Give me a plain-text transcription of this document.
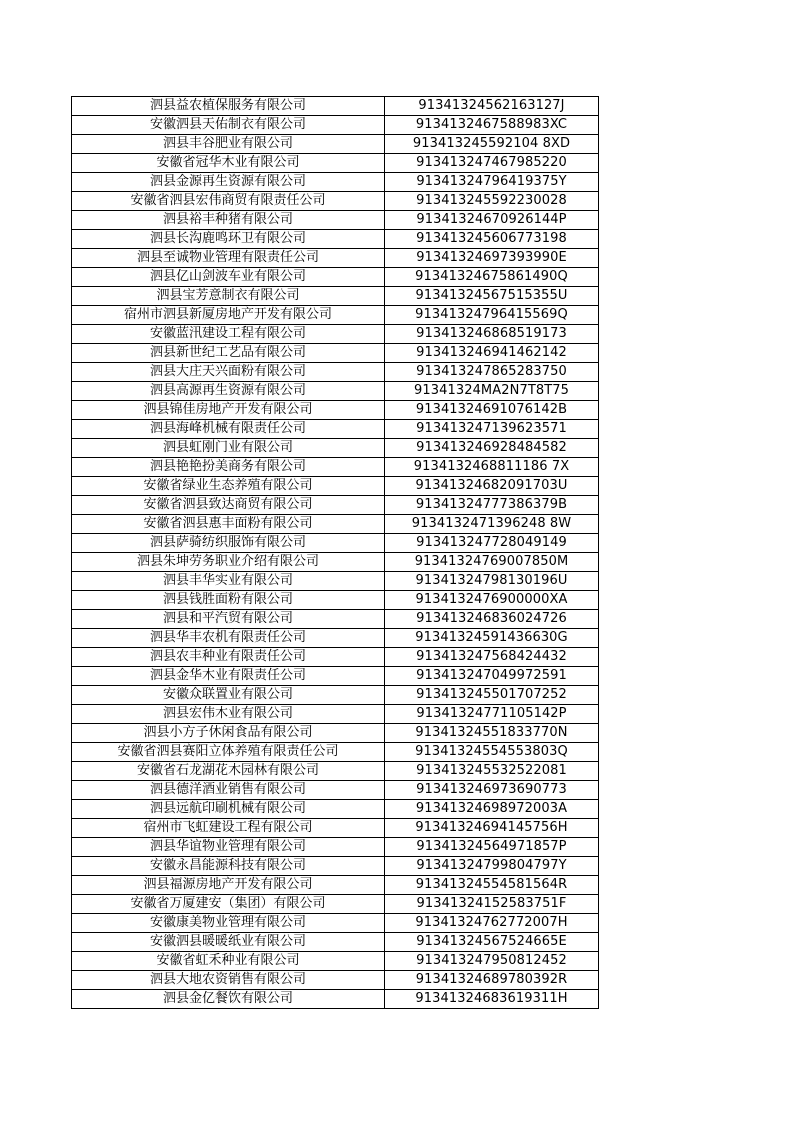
泗县益农植保服务有限公司	91341324562163127J
安徽泗县天佑制衣有限公司	9134132467588983XC
泗县丰谷肥业有限公司	913413245592104 8XD
安徽省冠华木业有限公司	913413247467985220
泗县金源再生资源有限公司	91341324796419375Y
安徽省泗县宏伟商贸有限责任公司	913413245592230028
泗县裕丰种猪有限公司	91341324670926144P
泗县长沟鹿鸣环卫有限公司	913413245606773198
泗县至诚物业管理有限责任公司	91341324697393990E
泗县亿山剑波车业有限公司	91341324675861490Q
泗县宝芳意制衣有限公司	91341324567515355U
宿州市泗县新厦房地产开发有限公司	91341324796415569Q
安徽蓝汛建设工程有限公司	913413246868519173
泗县新世纪工艺品有限公司	913413246941462142
泗县大庄天兴面粉有限公司	913413247865283750
泗县高源再生资源有限公司	91341324MA2N7T8T75
泗县锦佳房地产开发有限公司	91341324691076142B
泗县海峰机械有限责任公司	913413247139623571
泗县虹刚门业有限公司	913413246928484582
泗县艳艳扮美商务有限公司	9134132468811186 7X
安徽省绿业生态养殖有限公司	91341324682091703U
安徽省泗县致达商贸有限公司	91341324777386379B
安徽省泗县惠丰面粉有限公司	9134132471396248 8W
泗县萨骑纺织服饰有限公司	913413247728049149
泗县朱坤劳务职业介绍有限公司	91341324769007850M
泗县丰华实业有限公司	91341324798130196U
泗县钱胜面粉有限公司	9134132476900000XA
泗县和平汽贸有限公司	913413246836024726
泗县华丰农机有限责任公司	91341324591436630G
泗县农丰种业有限责任公司	913413247568424432
泗县金华木业有限责任公司	913413247049972591
安徽众联置业有限公司	913413245501707252
泗县宏伟木业有限公司	91341324771105142P
泗县小方子休闲食品有限公司	91341324551833770N
安徽省泗县赛阳立体养殖有限责任公司	91341324554553803Q
安徽省石龙湖花木园林有限公司	913413245532522081
泗县德洋酒业销售有限公司	913413246973690773
泗县远航印刷机械有限公司	91341324698972003A
宿州市飞虹建设工程有限公司	91341324694145756H
泗县华谊物业管理有限公司	91341324564971857P
安徽永昌能源科技有限公司	91341324799804797Y
泗县福源房地产开发有限公司	91341324554581564R
安徽省万厦建安（集团）有限公司	91341324152583751F
安徽康美物业管理有限公司	91341324762772007H
安徽泗县暖暖纸业有限公司	91341324567524665E
安徽省虹禾种业有限公司	913413247950812452
泗县大地农资销售有限公司	91341324689780392R
泗县金亿餐饮有限公司	91341324683619311H
